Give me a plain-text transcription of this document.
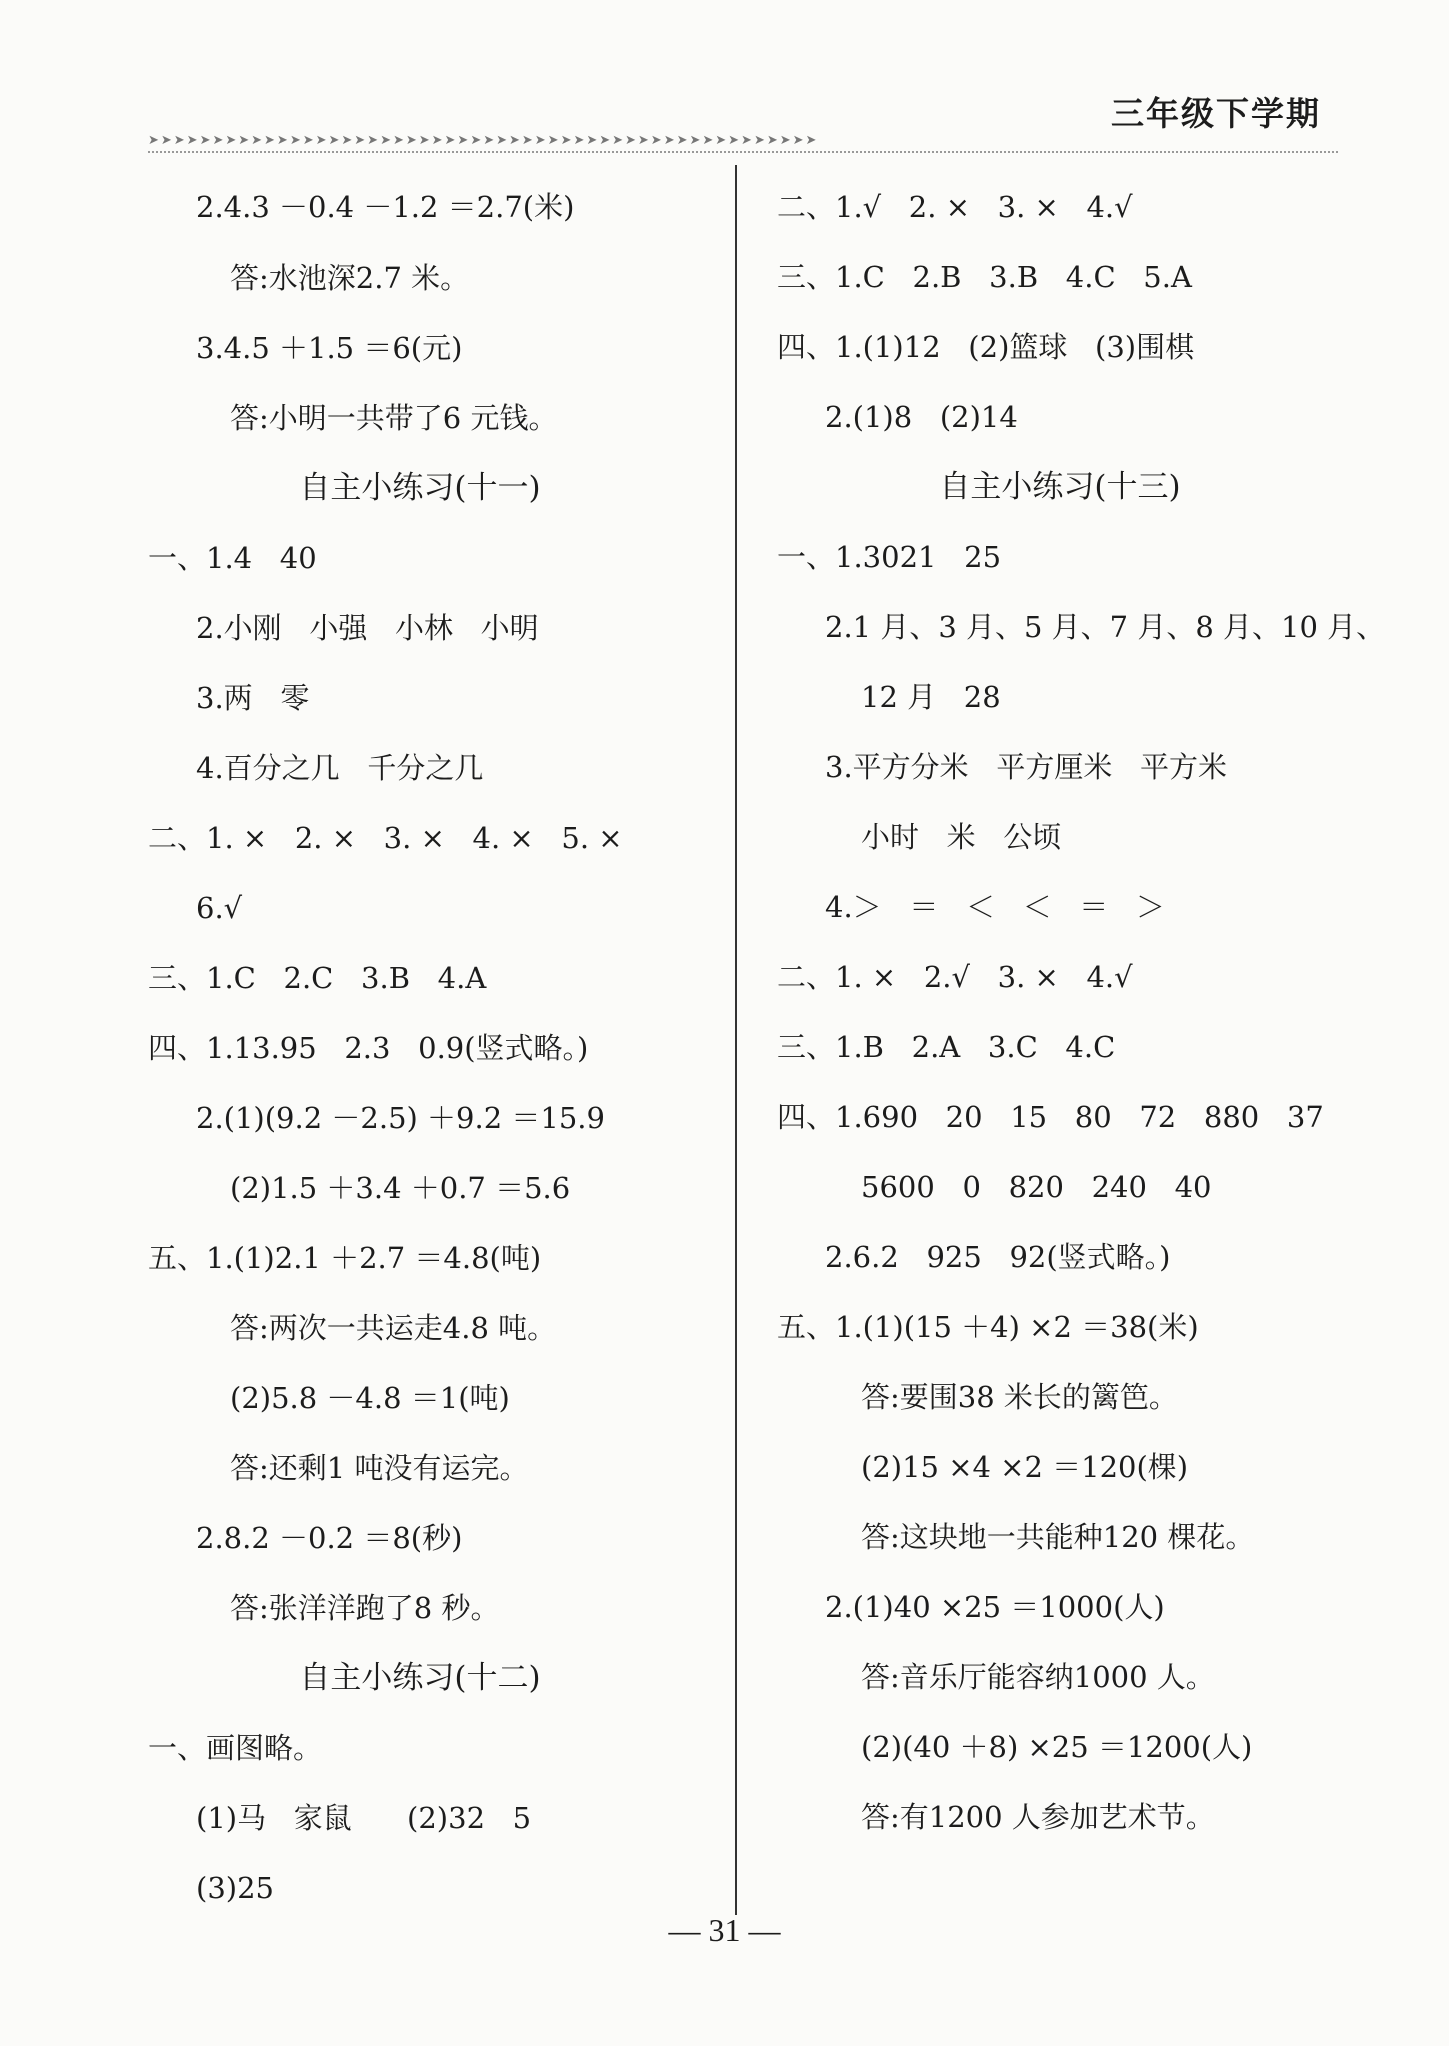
三年级下学期
➤➤➤➤➤➤➤➤➤➤➤➤➤➤➤➤➤➤➤➤➤➤➤➤➤➤➤➤➤➤➤➤➤➤➤➤➤➤➤➤➤➤➤➤➤➤➤➤➤➤➤➤
2.4.3 －0.4 －1.2 ＝2.7(米)
答:水池深2.7 米。
3.4.5 ＋1.5 ＝6(元)
答:小明一共带了6 元钱。
自主小练习(十一)
一、1.4   40
2.小刚   小强   小林   小明
3.两   零
4.百分之几   千分之几
二、1. ×   2. ×   3. ×   4. ×   5. ×
6.√
三、1.C   2.C   3.B   4.A
四、1.13.95   2.3   0.9(竖式略。)
2.(1)(9.2 －2.5) ＋9.2 ＝15.9
(2)1.5 ＋3.4 ＋0.7 ＝5.6
五、1.(1)2.1 ＋2.7 ＝4.8(吨)
答:两次一共运走4.8 吨。
(2)5.8 －4.8 ＝1(吨)
答:还剩1 吨没有运完。
2.8.2 －0.2 ＝8(秒)
答:张洋洋跑了8 秒。
自主小练习(十二)
一、画图略。
(1)马   家鼠      (2)32   5
(3)25
二、1.√   2. ×   3. ×   4.√
三、1.C   2.B   3.B   4.C   5.A
四、1.(1)12   (2)篮球   (3)围棋
2.(1)8   (2)14
自主小练习(十三)
一、1.3021   25
2.1 月、3 月、5 月、7 月、8 月、10 月、
12 月   28
3.平方分米   平方厘米   平方米
小时   米   公顷
4.＞   ＝   ＜   ＜   ＝   ＞
二、1. ×   2.√   3. ×   4.√
三、1.B   2.A   3.C   4.C
四、1.690   20   15   80   72   880   37
5600   0   820   240   40
2.6.2   925   92(竖式略。)
五、1.(1)(15 ＋4) ×2 ＝38(米)
答:要围38 米长的篱笆。
(2)15 ×4 ×2 ＝120(棵)
答:这块地一共能种120 棵花。
2.(1)40 ×25 ＝1000(人)
答:音乐厅能容纳1000 人。
(2)(40 ＋8) ×25 ＝1200(人)
答:有1200 人参加艺术节。
— 31 —
